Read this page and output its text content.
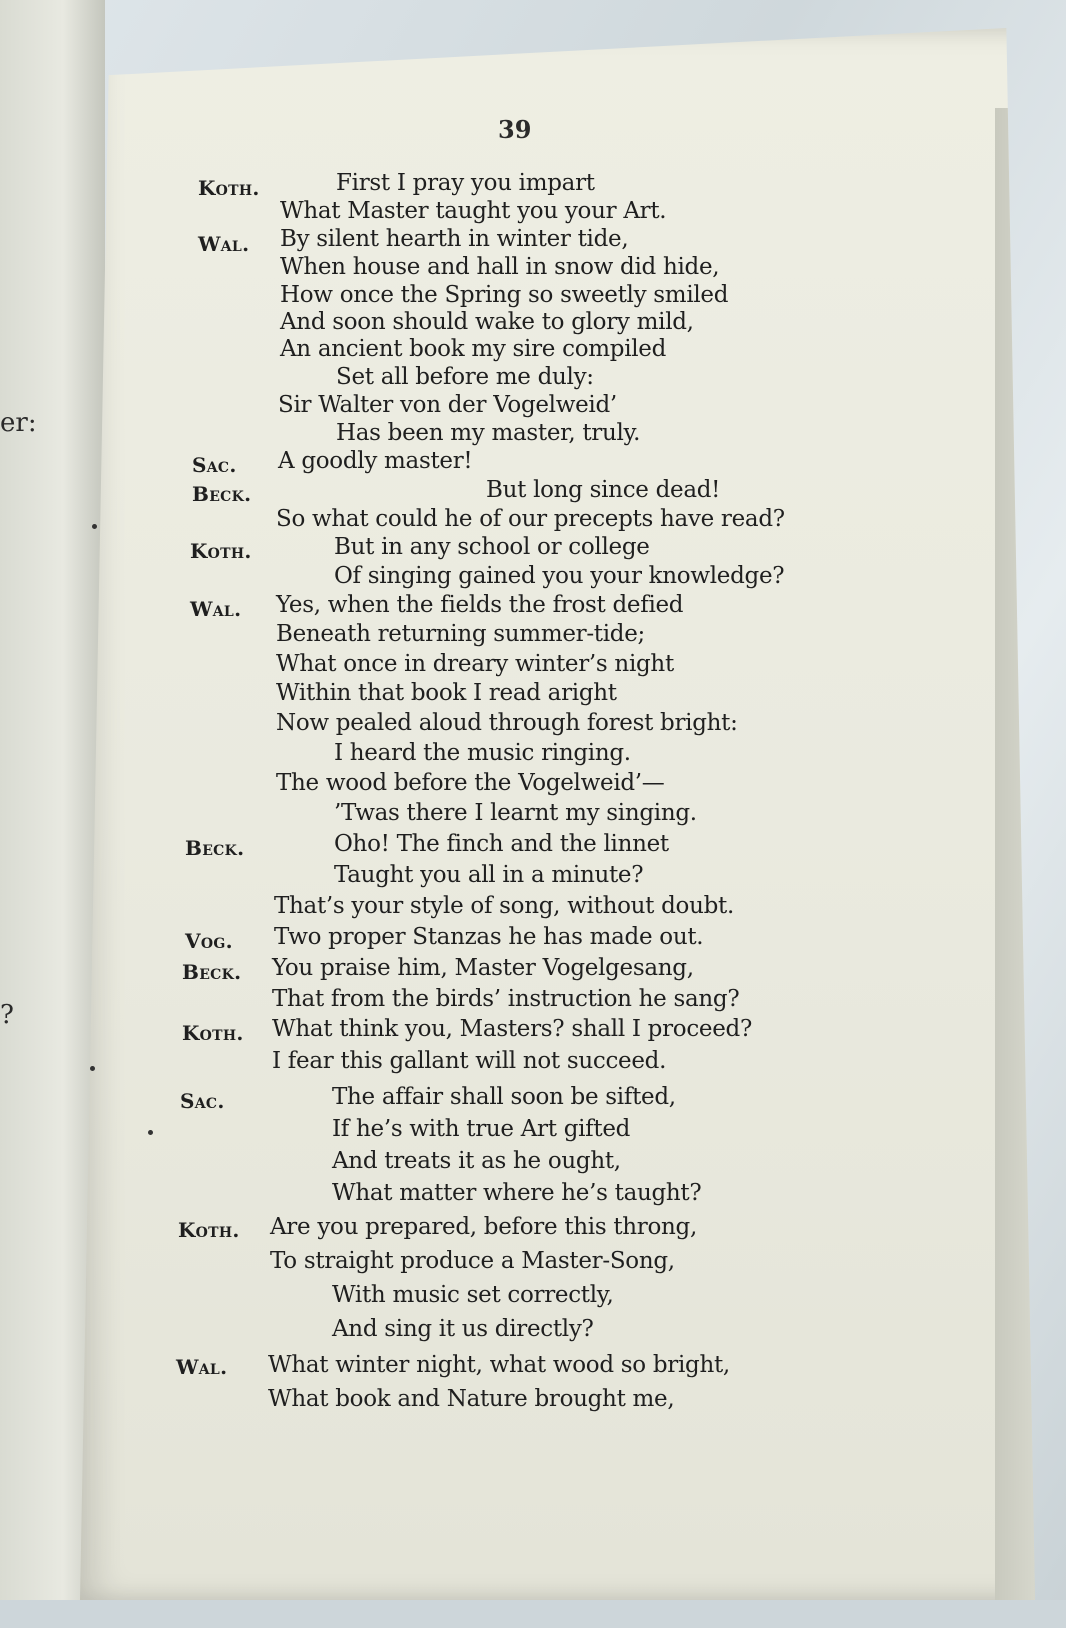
er:
?
39
Koth.
Wal.
Sac.
Beck.
Koth.
Wal.
Beck.
Vog.
Beck.
Koth.
Sac.
Koth.
Wal.
First I pray you impart
What Master taught you your Art.
By silent hearth in winter tide,
When house and hall in snow did hide,
How once the Spring so sweetly smiled
And soon should wake to glory mild,
An ancient book my sire compiled
Set all before me duly:
Sir Walter von der Vogelweid’
Has been my master, truly.
A goodly master!
But long since dead!
So what could he of our precepts have read?
But in any school or college
Of singing gained you your knowledge?
Yes, when the fields the frost defied
Beneath returning summer-tide;
What once in dreary winter’s night
Within that book I read aright
Now pealed aloud through forest bright:
I heard the music ringing.
The wood before the Vogelweid’—
’Twas there I learnt my singing.
Oho! The finch and the linnet
Taught you all in a minute?
That’s your style of song, without doubt.
Two proper Stanzas he has made out.
You praise him, Master Vogelgesang,
That from the birds’ instruction he sang?
What think you, Masters? shall I proceed?
I fear this gallant will not succeed.
The affair shall soon be sifted,
If he’s with true Art gifted
And treats it as he ought,
What matter where he’s taught?
Are you prepared, before this throng,
To straight produce a Master-Song,
With music set correctly,
And sing it us directly?
What winter night, what wood so bright,
What book and Nature brought me,
